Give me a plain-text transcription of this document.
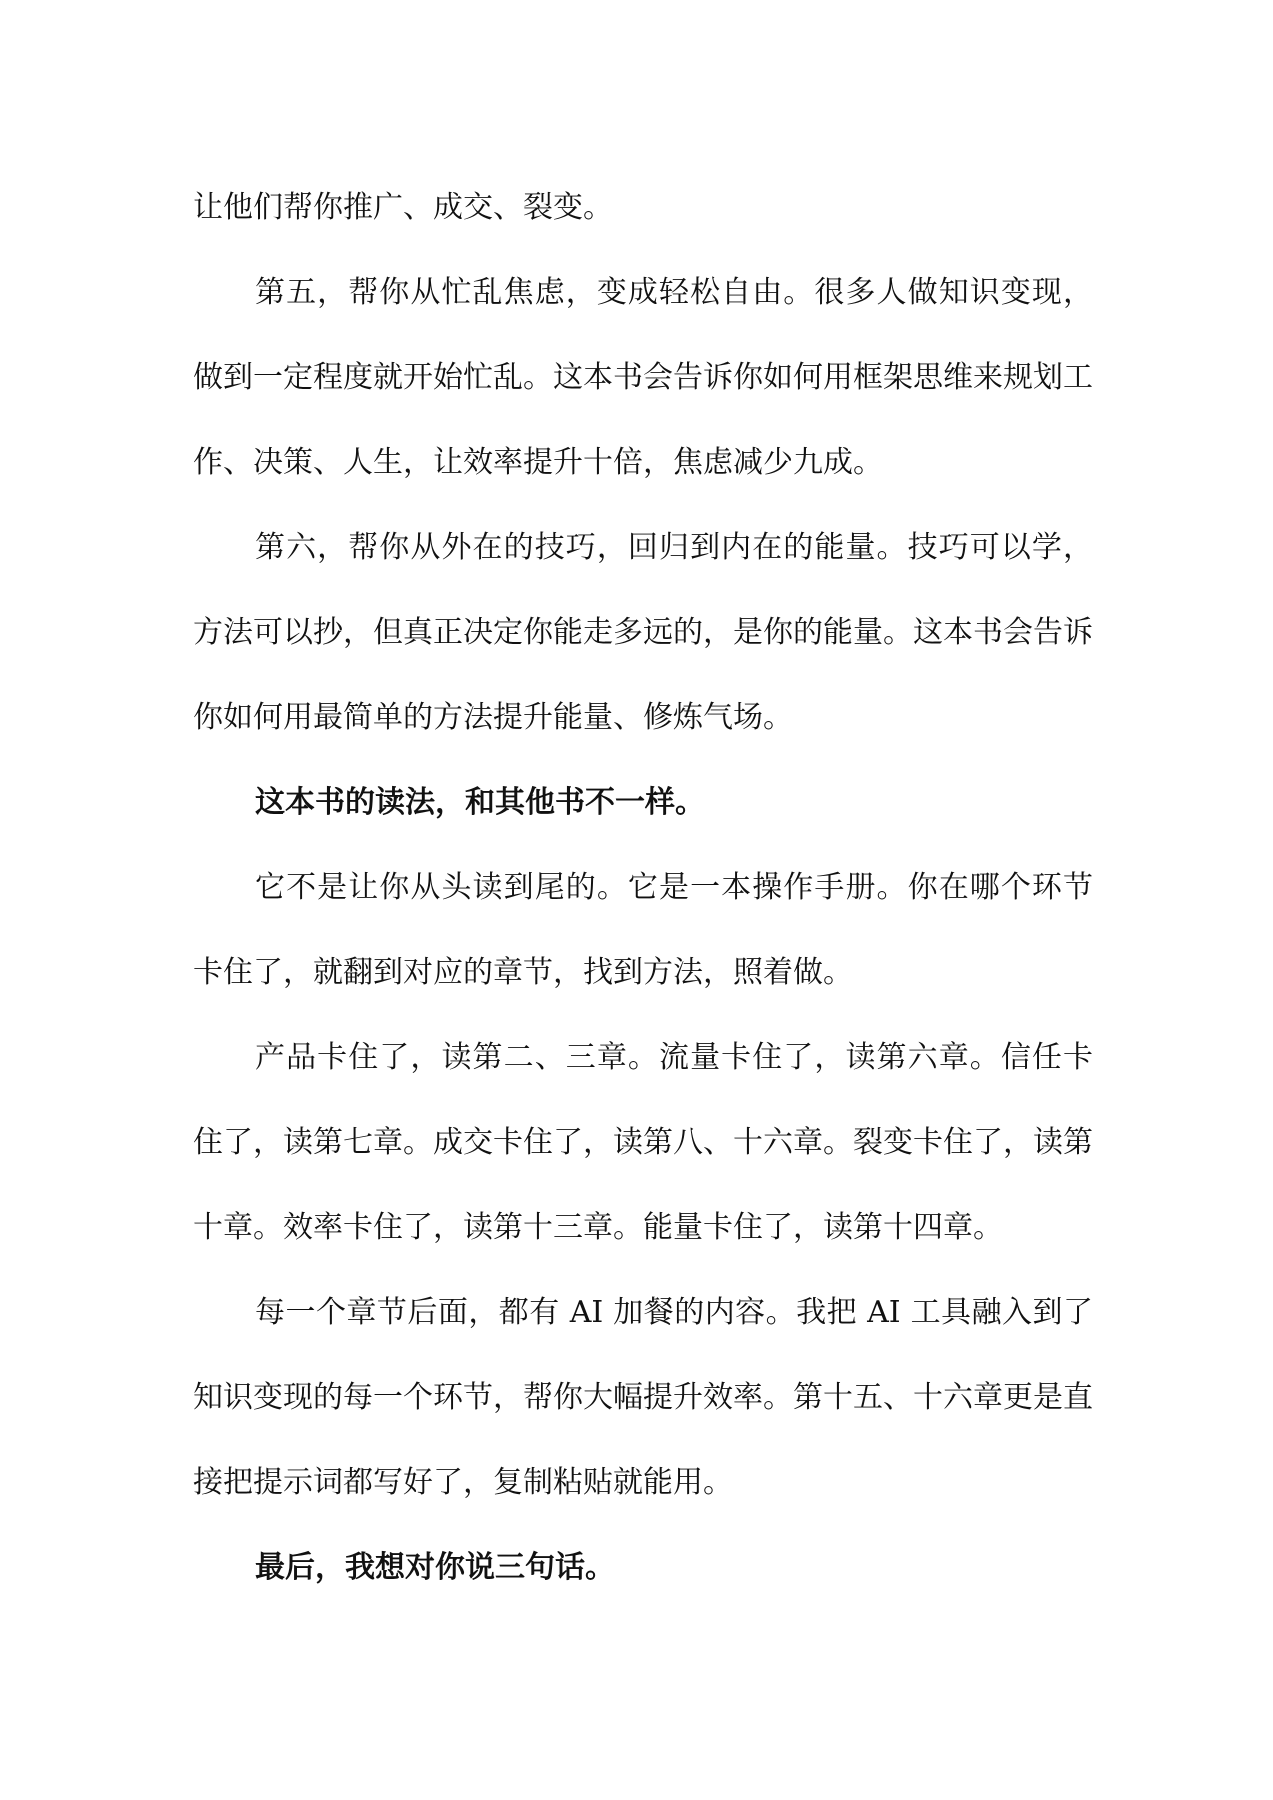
让他们帮你推广、成交、裂变。

第五，帮你从忙乱焦虑，变成轻松自由。很多人做知识变现，做到一定程度就开始忙乱。这本书会告诉你如何用框架思维来规划工作、决策、人生，让效率提升十倍，焦虑减少九成。

第六，帮你从外在的技巧，回归到内在的能量。技巧可以学，方法可以抄，但真正决定你能走多远的，是你的能量。这本书会告诉你如何用最简单的方法提升能量、修炼气场。

这本书的读法，和其他书不一样。

它不是让你从头读到尾的。它是一本操作手册。你在哪个环节卡住了，就翻到对应的章节，找到方法，照着做。

产品卡住了，读第二、三章。流量卡住了，读第六章。信任卡住了，读第七章。成交卡住了，读第八、十六章。裂变卡住了，读第十章。效率卡住了，读第十三章。能量卡住了，读第十四章。

每一个章节后面，都有 AI 加餐的内容。我把 AI 工具融入到了知识变现的每一个环节，帮你大幅提升效率。第十五、十六章更是直接把提示词都写好了，复制粘贴就能用。

最后，我想对你说三句话。
